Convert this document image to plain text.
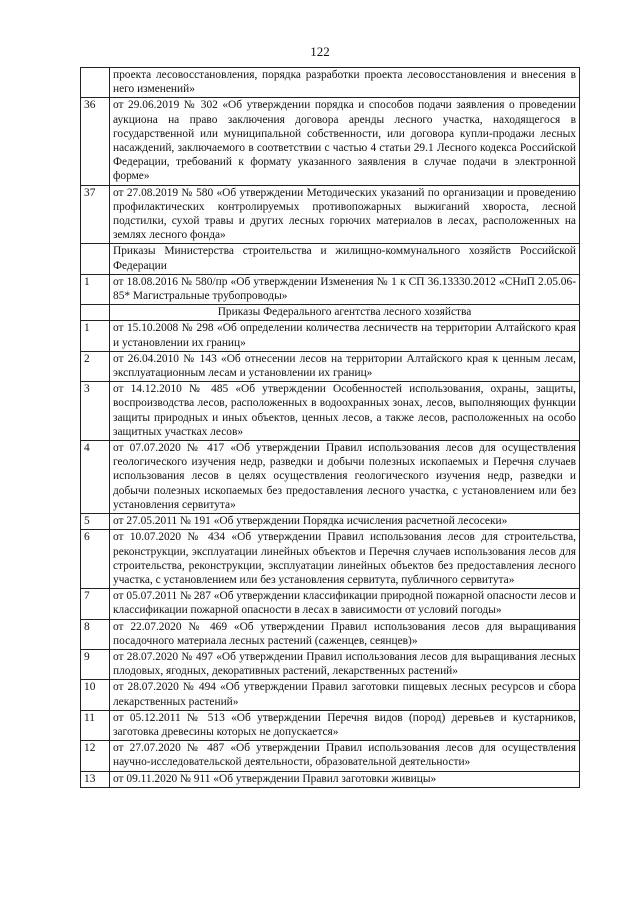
122
	проекта лесовосстановления, порядка разработки проекта лесовосстановления и внесения в него изменений»
36	от 29.06.2019 № 302 «Об утверждении порядка и способов подачи заявления о проведении аукциона на право заключения договора аренды лесного участка, находящегося в государственной или муниципальной собственности, или договора купли-продажи лесных насаждений, заключаемого в соответствии с частью 4 статьи 29.1 Лесного кодекса Российской Федерации, требований к формату указанного заявления в случае подачи в электронной форме»
37	от 27.08.2019 № 580 «Об утверждении Методических указаний по организации и проведению профилактических контролируемых противопожарных выжиганий хвороста, лесной подстилки, сухой травы и других лесных горючих материалов в лесах, расположенных на землях лесного фонда»
	Приказы Министерства строительства и жилищно-коммунального хозяйств Российской Федерации
1	от 18.08.2016 № 580/пр «Об утверждении Изменения № 1 к СП 36.13330.2012 «СНиП 2.05.06-85* Магистральные трубопроводы»
	Приказы Федерального агентства лесного хозяйства
1	от 15.10.2008 № 298 «Об определении количества лесничеств на территории Алтайского края и установлении их границ»
2	от 26.04.2010 № 143 «Об отнесении лесов на территории Алтайского края к ценным лесам, эксплуатационным лесам и установлении их границ»
3	от 14.12.2010 № 485 «Об утверждении Особенностей использования, охраны, защиты, воспроизводства лесов, расположенных в водоохранных зонах, лесов, выполняющих функции защиты природных и иных объектов, ценных лесов, а также лесов, расположенных на особо защитных участках лесов»
4	от 07.07.2020 № 417 «Об утверждении Правил использования лесов для осуществления геологического изучения недр, разведки и добычи полезных ископаемых и Перечня случаев использования лесов в целях осуществления геологического изучения недр, разведки и добычи полезных ископаемых без предоставления лесного участка, с установлением или без установления сервитута»
5	от 27.05.2011 № 191 «Об утверждении Порядка исчисления расчетной лесосеки»
6	от 10.07.2020 № 434 «Об утверждении Правил использования лесов для строительства, реконструкции, эксплуатации линейных объектов и Перечня случаев использования лесов для строительства, реконструкции, эксплуатации линейных объектов без предоставления лесного участка, с установлением или без установления сервитута, публичного сервитута»
7	от 05.07.2011 № 287 «Об утверждении классификации природной пожарной опасности лесов и классификации пожарной опасности в лесах в зависимости от условий погоды»
8	от 22.07.2020 № 469 «Об утверждении Правил использования лесов для выращивания посадочного материала лесных растений (саженцев, сеянцев)»
9	от 28.07.2020 № 497 «Об утверждении Правил использования лесов для выращивания лесных плодовых, ягодных, декоративных растений, лекарственных растений»
10	от 28.07.2020 № 494 «Об утверждении Правил заготовки пищевых лесных ресурсов и сбора лекарственных растений»
11	от 05.12.2011 № 513 «Об утверждении Перечня видов (пород) деревьев и кустарников, заготовка древесины которых не допускается»
12	от 27.07.2020 № 487 «Об утверждении Правил использования лесов для осуществления научно-исследовательской деятельности, образовательной деятельности»
13	от 09.11.2020 № 911 «Об утверждении Правил заготовки живицы»
